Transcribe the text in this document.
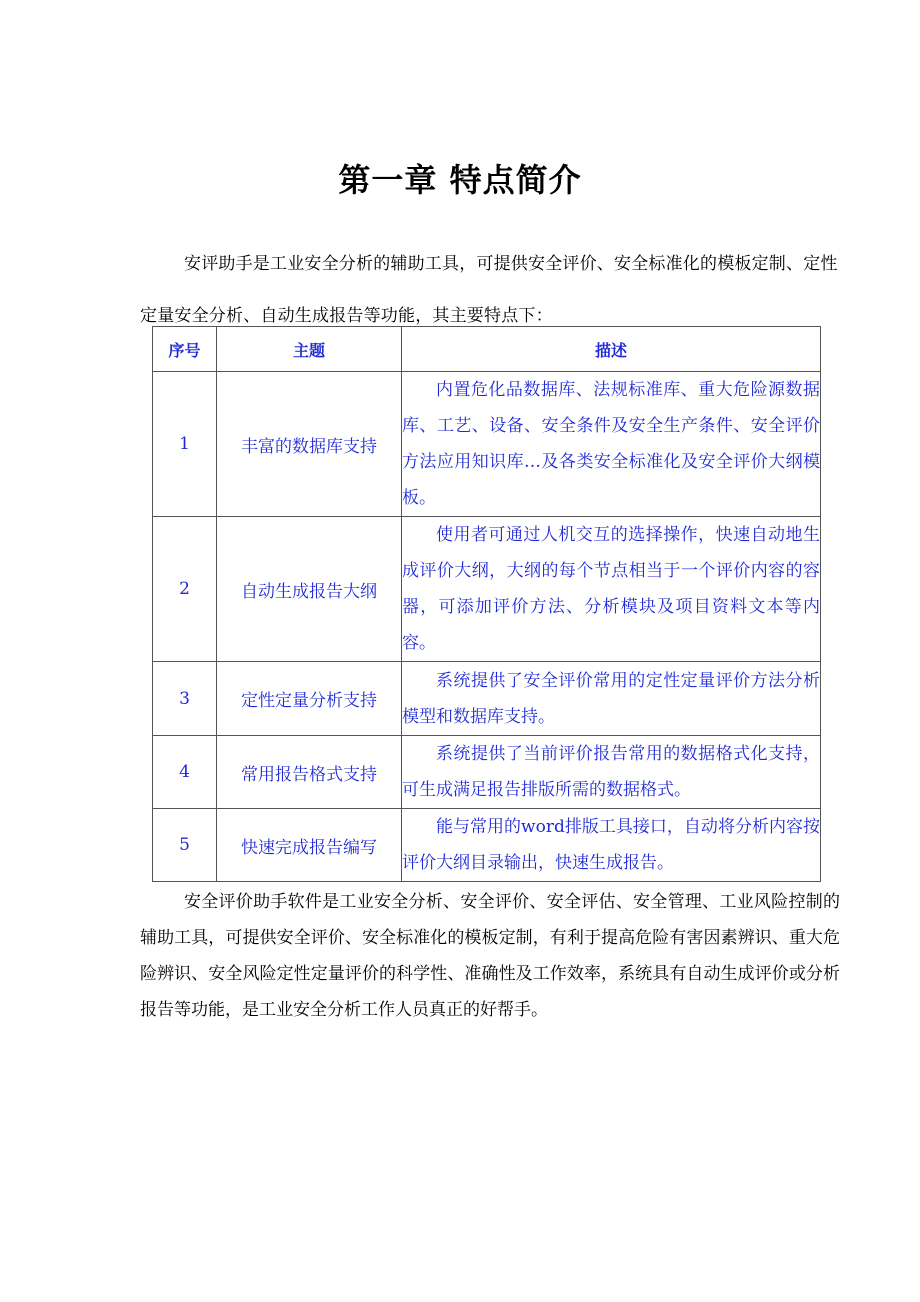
第一章 特点简介

安评助手是工业安全分析的辅助工具，可提供安全评价、安全标准化的模板定制、定性定量安全分析、自动生成报告等功能，其主要特点下：

序号	主题	描述
1	丰富的数据库支持	内置危化品数据库、法规标准库、重大危险源数据库、工艺、设备、安全条件及安全生产条件、安全评价方法应用知识库…及各类安全标准化及安全评价大纲模板。
2	自动生成报告大纲	使用者可通过人机交互的选择操作，快速自动地生成评价大纲，大纲的每个节点相当于一个评价内容的容器，可添加评价方法、分析模块及项目资料文本等内容。
3	定性定量分析支持	系统提供了安全评价常用的定性定量评价方法分析模型和数据库支持。
4	常用报告格式支持	系统提供了当前评价报告常用的数据格式化支持，可生成满足报告排版所需的数据格式。
5	快速完成报告编写	能与常用的word排版工具接口，自动将分析内容按评价大纲目录输出，快速生成报告。

安全评价助手软件是工业安全分析、安全评价、安全评估、安全管理、工业风险控制的辅助工具，可提供安全评价、安全标准化的模板定制，有利于提高危险有害因素辨识、重大危险辨识、安全风险定性定量评价的科学性、准确性及工作效率，系统具有自动生成评价或分析报告等功能，是工业安全分析工作人员真正的好帮手。
